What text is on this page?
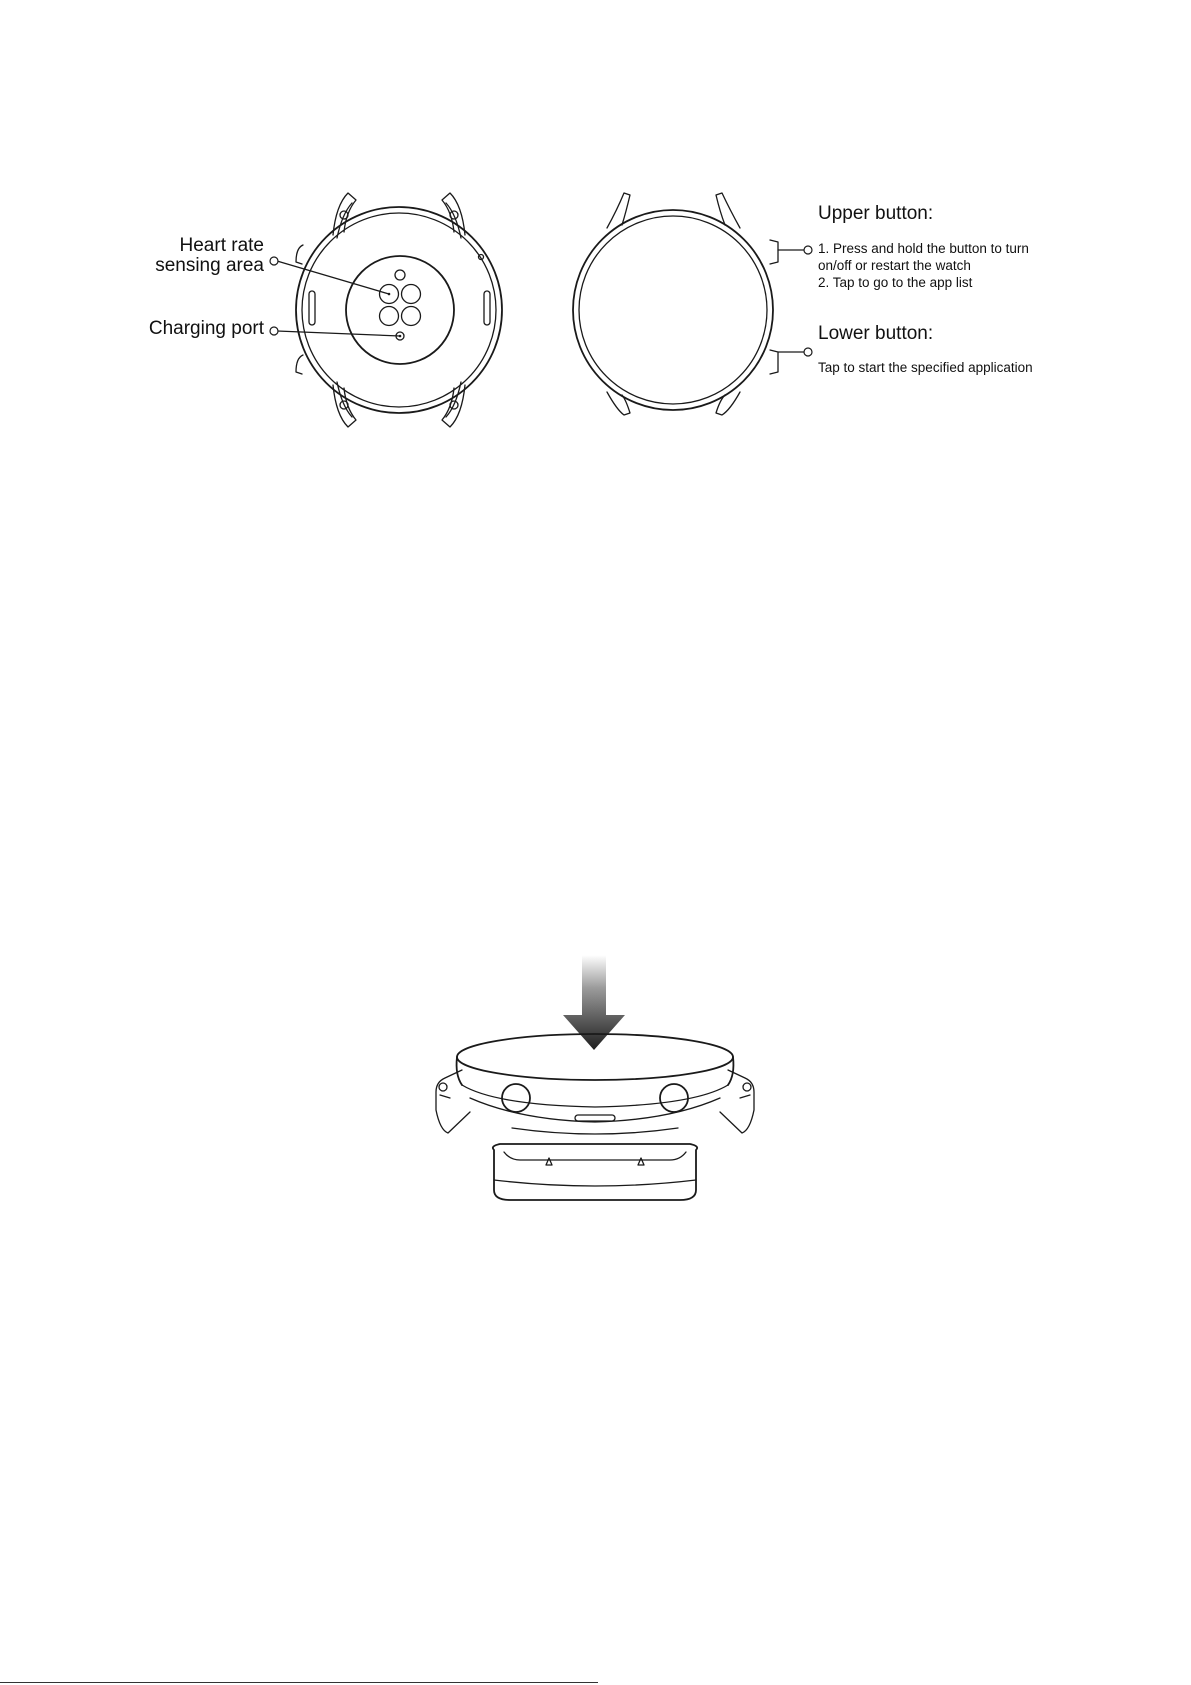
Heart rate
sensing area
Charging port
Upper button:
1. Press and hold the button to turn
on/off or restart the watch
2. Tap to go to the app list
Lower button:
Tap to start the specified application
